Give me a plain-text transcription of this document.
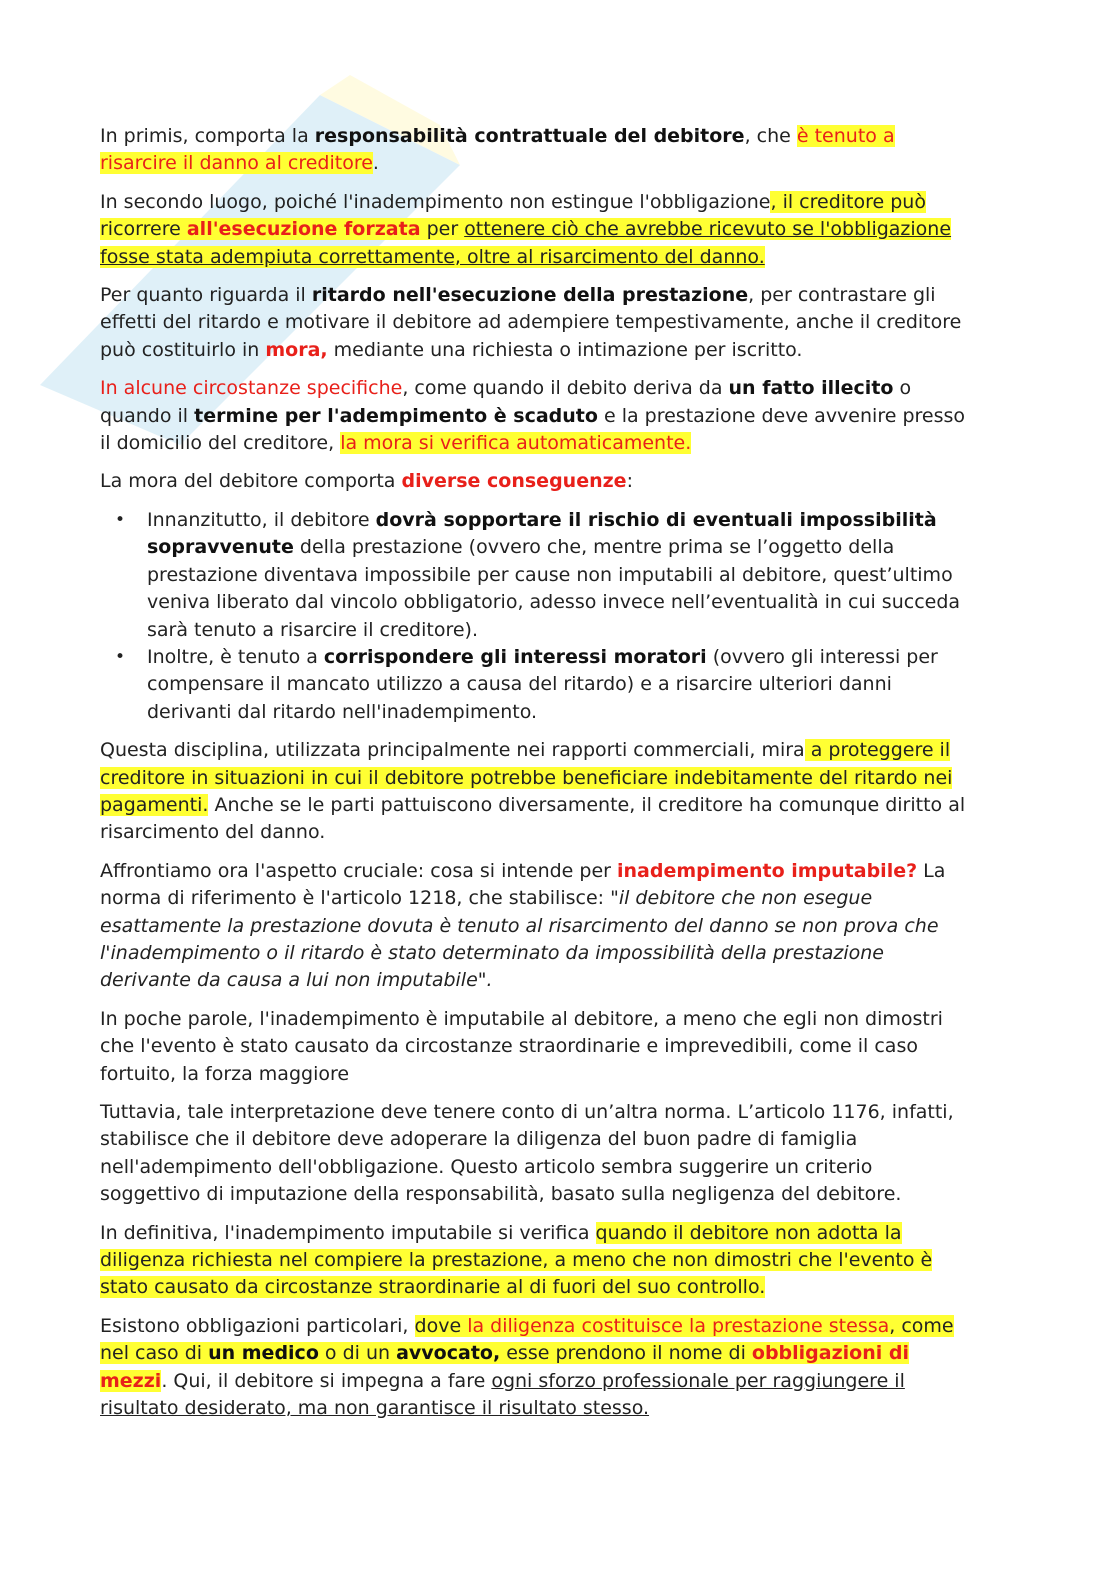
In primis, comporta la responsabilità contrattuale del debitore, che è tenuto a risarcire il danno al creditore.

In secondo luogo, poiché l'inadempimento non estingue l'obbligazione, il creditore può ricorrere all'esecuzione forzata per ottenere ciò che avrebbe ricevuto se l'obbligazione fosse stata adempiuta correttamente, oltre al risarcimento del danno.

Per quanto riguarda il ritardo nell'esecuzione della prestazione, per contrastare gli effetti del ritardo e motivare il debitore ad adempiere tempestivamente, anche il creditore può costituirlo in mora, mediante una richiesta o intimazione per iscritto.

In alcune circostanze specifiche, come quando il debito deriva da un fatto illecito o quando il termine per l'adempimento è scaduto e la prestazione deve avvenire presso il domicilio del creditore, la mora si verifica automaticamente.

La mora del debitore comporta diverse conseguenze:

• Innanzitutto, il debitore dovrà sopportare il rischio di eventuali impossibilità sopravvenute della prestazione (ovvero che, mentre prima se l’oggetto della prestazione diventava impossibile per cause non imputabili al debitore, quest’ultimo veniva liberato dal vincolo obbligatorio, adesso invece nell’eventualità in cui succeda sarà tenuto a risarcire il creditore).
• Inoltre, è tenuto a corrispondere gli interessi moratori (ovvero gli interessi per compensare il mancato utilizzo a causa del ritardo) e a risarcire ulteriori danni derivanti dal ritardo nell'inadempimento.

Questa disciplina, utilizzata principalmente nei rapporti commerciali, mira a proteggere il creditore in situazioni in cui il debitore potrebbe beneficiare indebitamente del ritardo nei pagamenti. Anche se le parti pattuiscono diversamente, il creditore ha comunque diritto al risarcimento del danno.

Affrontiamo ora l'aspetto cruciale: cosa si intende per inadempimento imputabile? La norma di riferimento è l'articolo 1218, che stabilisce: "il debitore che non esegue esattamente la prestazione dovuta è tenuto al risarcimento del danno se non prova che l'inadempimento o il ritardo è stato determinato da impossibilità della prestazione derivante da causa a lui non imputabile".

In poche parole, l'inadempimento è imputabile al debitore, a meno che egli non dimostri che l'evento è stato causato da circostanze straordinarie e imprevedibili, come il caso fortuito, la forza maggiore

Tuttavia, tale interpretazione deve tenere conto di un’altra norma. L’articolo 1176, infatti, stabilisce che il debitore deve adoperare la diligenza del buon padre di famiglia nell'adempimento dell'obbligazione. Questo articolo sembra suggerire un criterio soggettivo di imputazione della responsabilità, basato sulla negligenza del debitore.

In definitiva, l'inadempimento imputabile si verifica quando il debitore non adotta la diligenza richiesta nel compiere la prestazione, a meno che non dimostri che l'evento è stato causato da circostanze straordinarie al di fuori del suo controllo.

Esistono obbligazioni particolari, dove la diligenza costituisce la prestazione stessa, come nel caso di un medico o di un avvocato, esse prendono il nome di obbligazioni di mezzi. Qui, il debitore si impegna a fare ogni sforzo professionale per raggiungere il risultato desiderato, ma non garantisce il risultato stesso.
